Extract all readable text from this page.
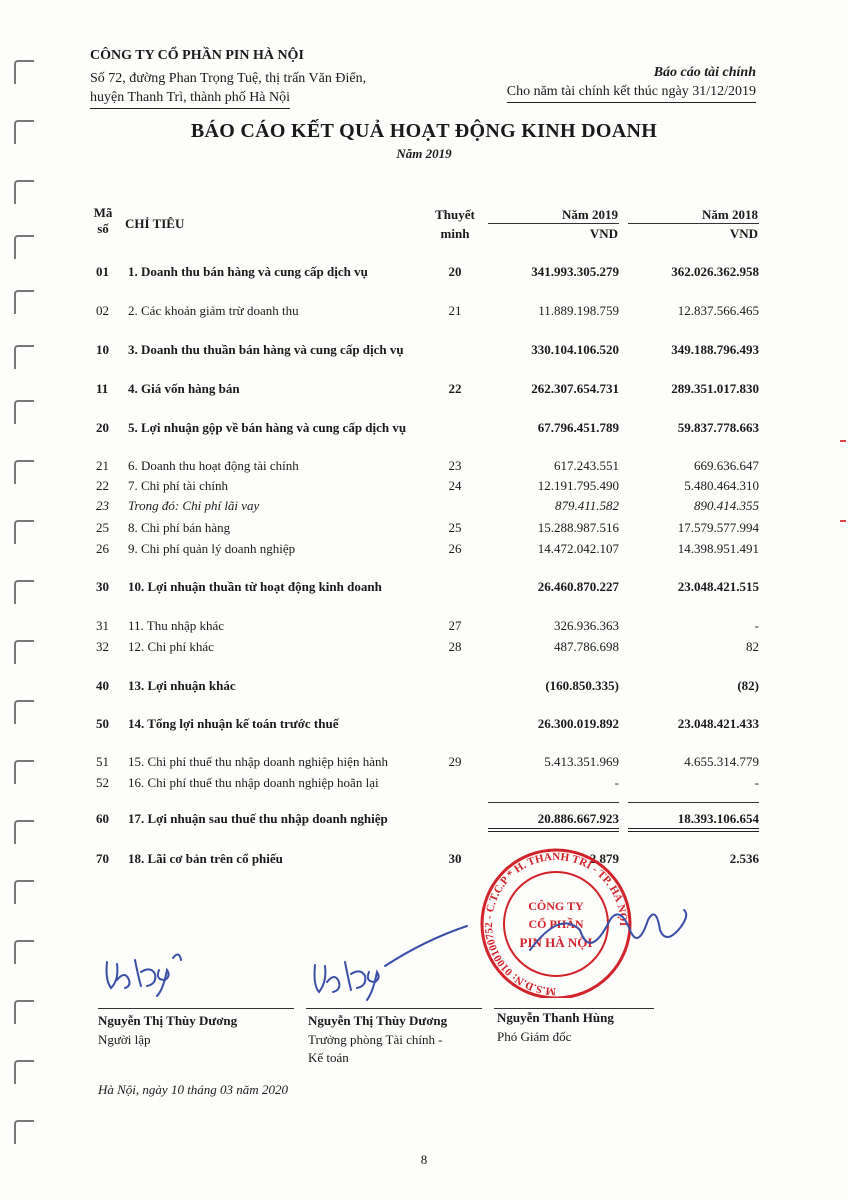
CÔNG TY CỔ PHẦN PIN HÀ NỘI
Số 72, đường Phan Trọng Tuệ, thị trấn Văn Điển,
huyện Thanh Trì, thành phố Hà Nội
Báo cáo tài chính
Cho năm tài chính kết thúc ngày 31/12/2019
BÁO CÁO KẾT QUẢ HOẠT ĐỘNG KINH DOANH
Năm 2019
Mã
số	CHỈ TIÊU
Thuyết
minh
Năm 2019
VND
Năm 2018
VND
01	1. Doanh thu bán hàng và cung cấp dịch vụ	20	341.993.305.279	362.026.362.958
02	2. Các khoản giảm trừ doanh thu	21	11.889.198.759	12.837.566.465
10	3. Doanh thu thuần bán hàng và cung cấp dịch vụ	330.104.106.520	349.188.796.493
11	4. Giá vốn hàng bán	22	262.307.654.731	289.351.017.830
20	5. Lợi nhuận gộp về bán hàng và cung cấp dịch vụ	67.796.451.789	59.837.778.663
21	6. Doanh thu hoạt động tài chính	23	617.243.551	669.636.647
22	7. Chi phí tài chính	24	12.191.795.490	5.480.464.310
23	Trong đó: Chi phí lãi vay	879.411.582	890.414.355
25	8. Chi phí bán hàng	25	15.288.987.516	17.579.577.994
26	9. Chi phí quản lý doanh nghiệp	26	14.472.042.107	14.398.951.491
30	10. Lợi nhuận thuần từ hoạt động kinh doanh	26.460.870.227	23.048.421.515
31	11. Thu nhập khác	27	326.936.363	-
32	12. Chi phí khác	28	487.786.698	82
40	13. Lợi nhuận khác	(160.850.335)	(82)
50	14. Tổng lợi nhuận kế toán trước thuế	26.300.019.892	23.048.421.433
51	15. Chi phí thuế thu nhập doanh nghiệp hiện hành	29	5.413.351.969	4.655.314.779
52	16. Chi phí thuế thu nhập doanh nghiệp hoãn lại	-	-
60	17. Lợi nhuận sau thuế thu nhập doanh nghiệp	20.886.667.923	18.393.106.654
70	18. Lãi cơ bản trên cổ phiếu	30	2.879	2.536
M.S.D.N: 0100100752 - C.T.C.P * H. THANH TRÌ - TP. HÀ NỘI
CÔNG TY
CỔ PHẦN
PIN HÀ NỘI
Nguyễn Thị Thùy Dương
Người lập
Nguyễn Thị Thùy Dương
Trưởng phòng Tài chính -
Kế toán
Nguyễn Thanh Hùng
Phó Giám đốc
Hà Nội, ngày 10 tháng 03 năm 2020
8
